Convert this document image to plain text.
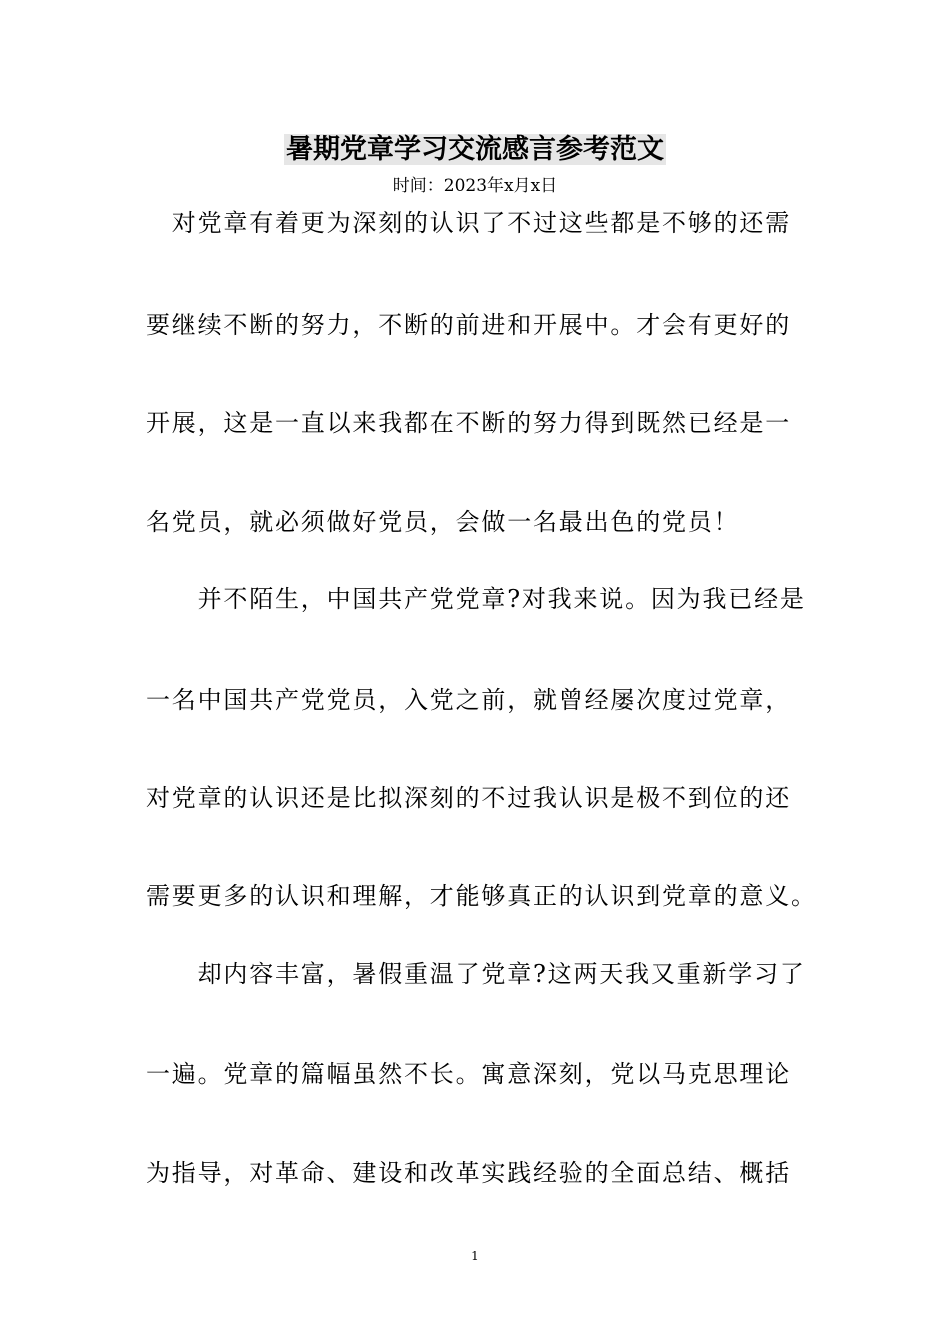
暑期党章学习交流感言参考范文
时间：2023年x月x日
　对党章有着更为深刻的认识了不过这些都是不够的还需
要继续不断的努力，不断的前进和开展中。才会有更好的
开展，这是一直以来我都在不断的努力得到既然已经是一
名党员，就必须做好党员，会做一名最出色的党员！
　　并不陌生，中国共产党党章?对我来说。因为我已经是
一名中国共产党党员，入党之前，就曾经屡次度过党章，
对党章的认识还是比拟深刻的不过我认识是极不到位的还
需要更多的认识和理解，才能够真正的认识到党章的意义。
　　却内容丰富，暑假重温了党章?这两天我又重新学习了
一遍。党章的篇幅虽然不长。寓意深刻，党以马克思理论
为指导，对革命、建设和改革实践经验的全面总结、概括
1
